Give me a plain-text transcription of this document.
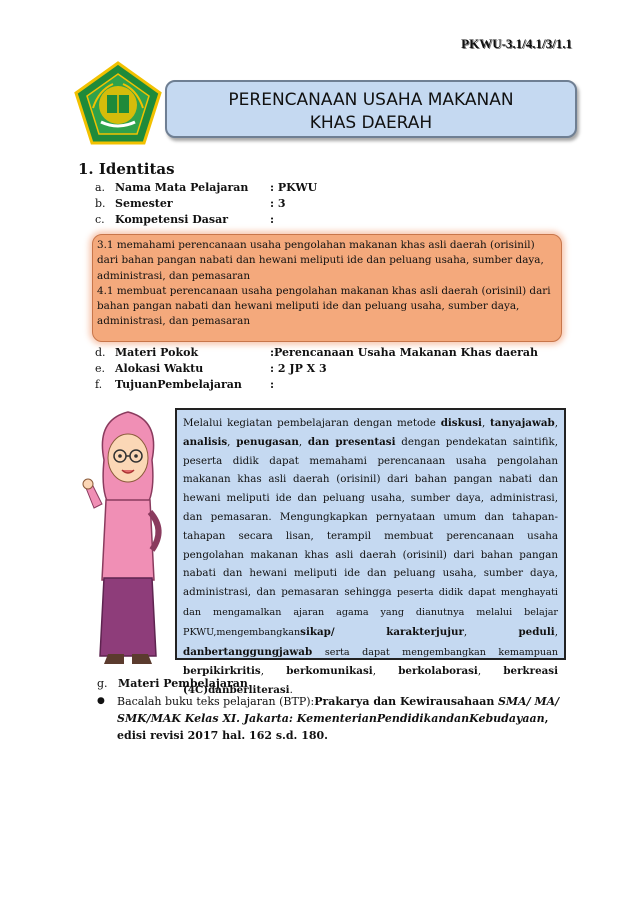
PKWU-3.1/4.1/3/1.1
PERENCANAAN USAHA MAKANAN
KHAS DAERAH
1. Identitas
a. Nama Mata Pelajaran : PKWU
b. Semester	: 3
c. Kompetensi Dasar	:

3.1 memahami perencanaan usaha pengolahan makanan khas asli daerah (orisinil) dari bahan pangan nabati dan hewani meliputi ide dan peluang usaha, sumber daya, administrasi, dan pemasaran

4.1 membuat perencanaan usaha pengolahan makanan khas asli daerah (orisinil) dari bahan pangan nabati dan hewani meliputi ide dan peluang usaha, sumber daya, administrasi, dan pemasaran

d. Materi Pokok	:Perencanaan Usaha Makanan Khas daerah
e. Alokasi Waktu	: 2 JP X 3
f.	TujuanPembelajaran	:
Melalui kegiatan pembelajaran dengan metode diskusi, tanyajawab, analisis, penugasan, dan presentasi dengan pendekatan saintifik, peserta didik dapat memahami perencanaan usaha pengolahan makanan khas asli daerah (orisinil) dari bahan pangan nabati dan hewani meliputi ide dan peluang usaha, sumber daya, administrasi, dan pemasaran. Mengungkapkan pernyataan umum dan tahapan-tahapan secara lisan, terampil membuat perencanaan usaha pengolahan makanan khas asli daerah (orisinil) dari bahan pangan nabati dan hewani meliputi ide dan peluang usaha, sumber daya, administrasi, dan pemasaran sehingga peserta didik dapat menghayati dan mengamalkan ajaran agama yang dianutnya melalui belajar PKWU,mengembangkansikap/ karakterjujur,	peduli, danbertanggungjawab serta dapat mengembangkan kemampuan berpikirkritis, berkomunikasi, berkolaborasi, berkreasi (4C)danberliterasi.
g. Materi Pembelajaran
● Bacalah buku teks pelajaran (BTP):Prakarya dan Kewirausahaan SMA/ MA/ SMK/MAK Kelas XI. Jakarta: KementerianPendidikandanKebudayaan, edisi revisi 2017 hal. 162 s.d. 180.
